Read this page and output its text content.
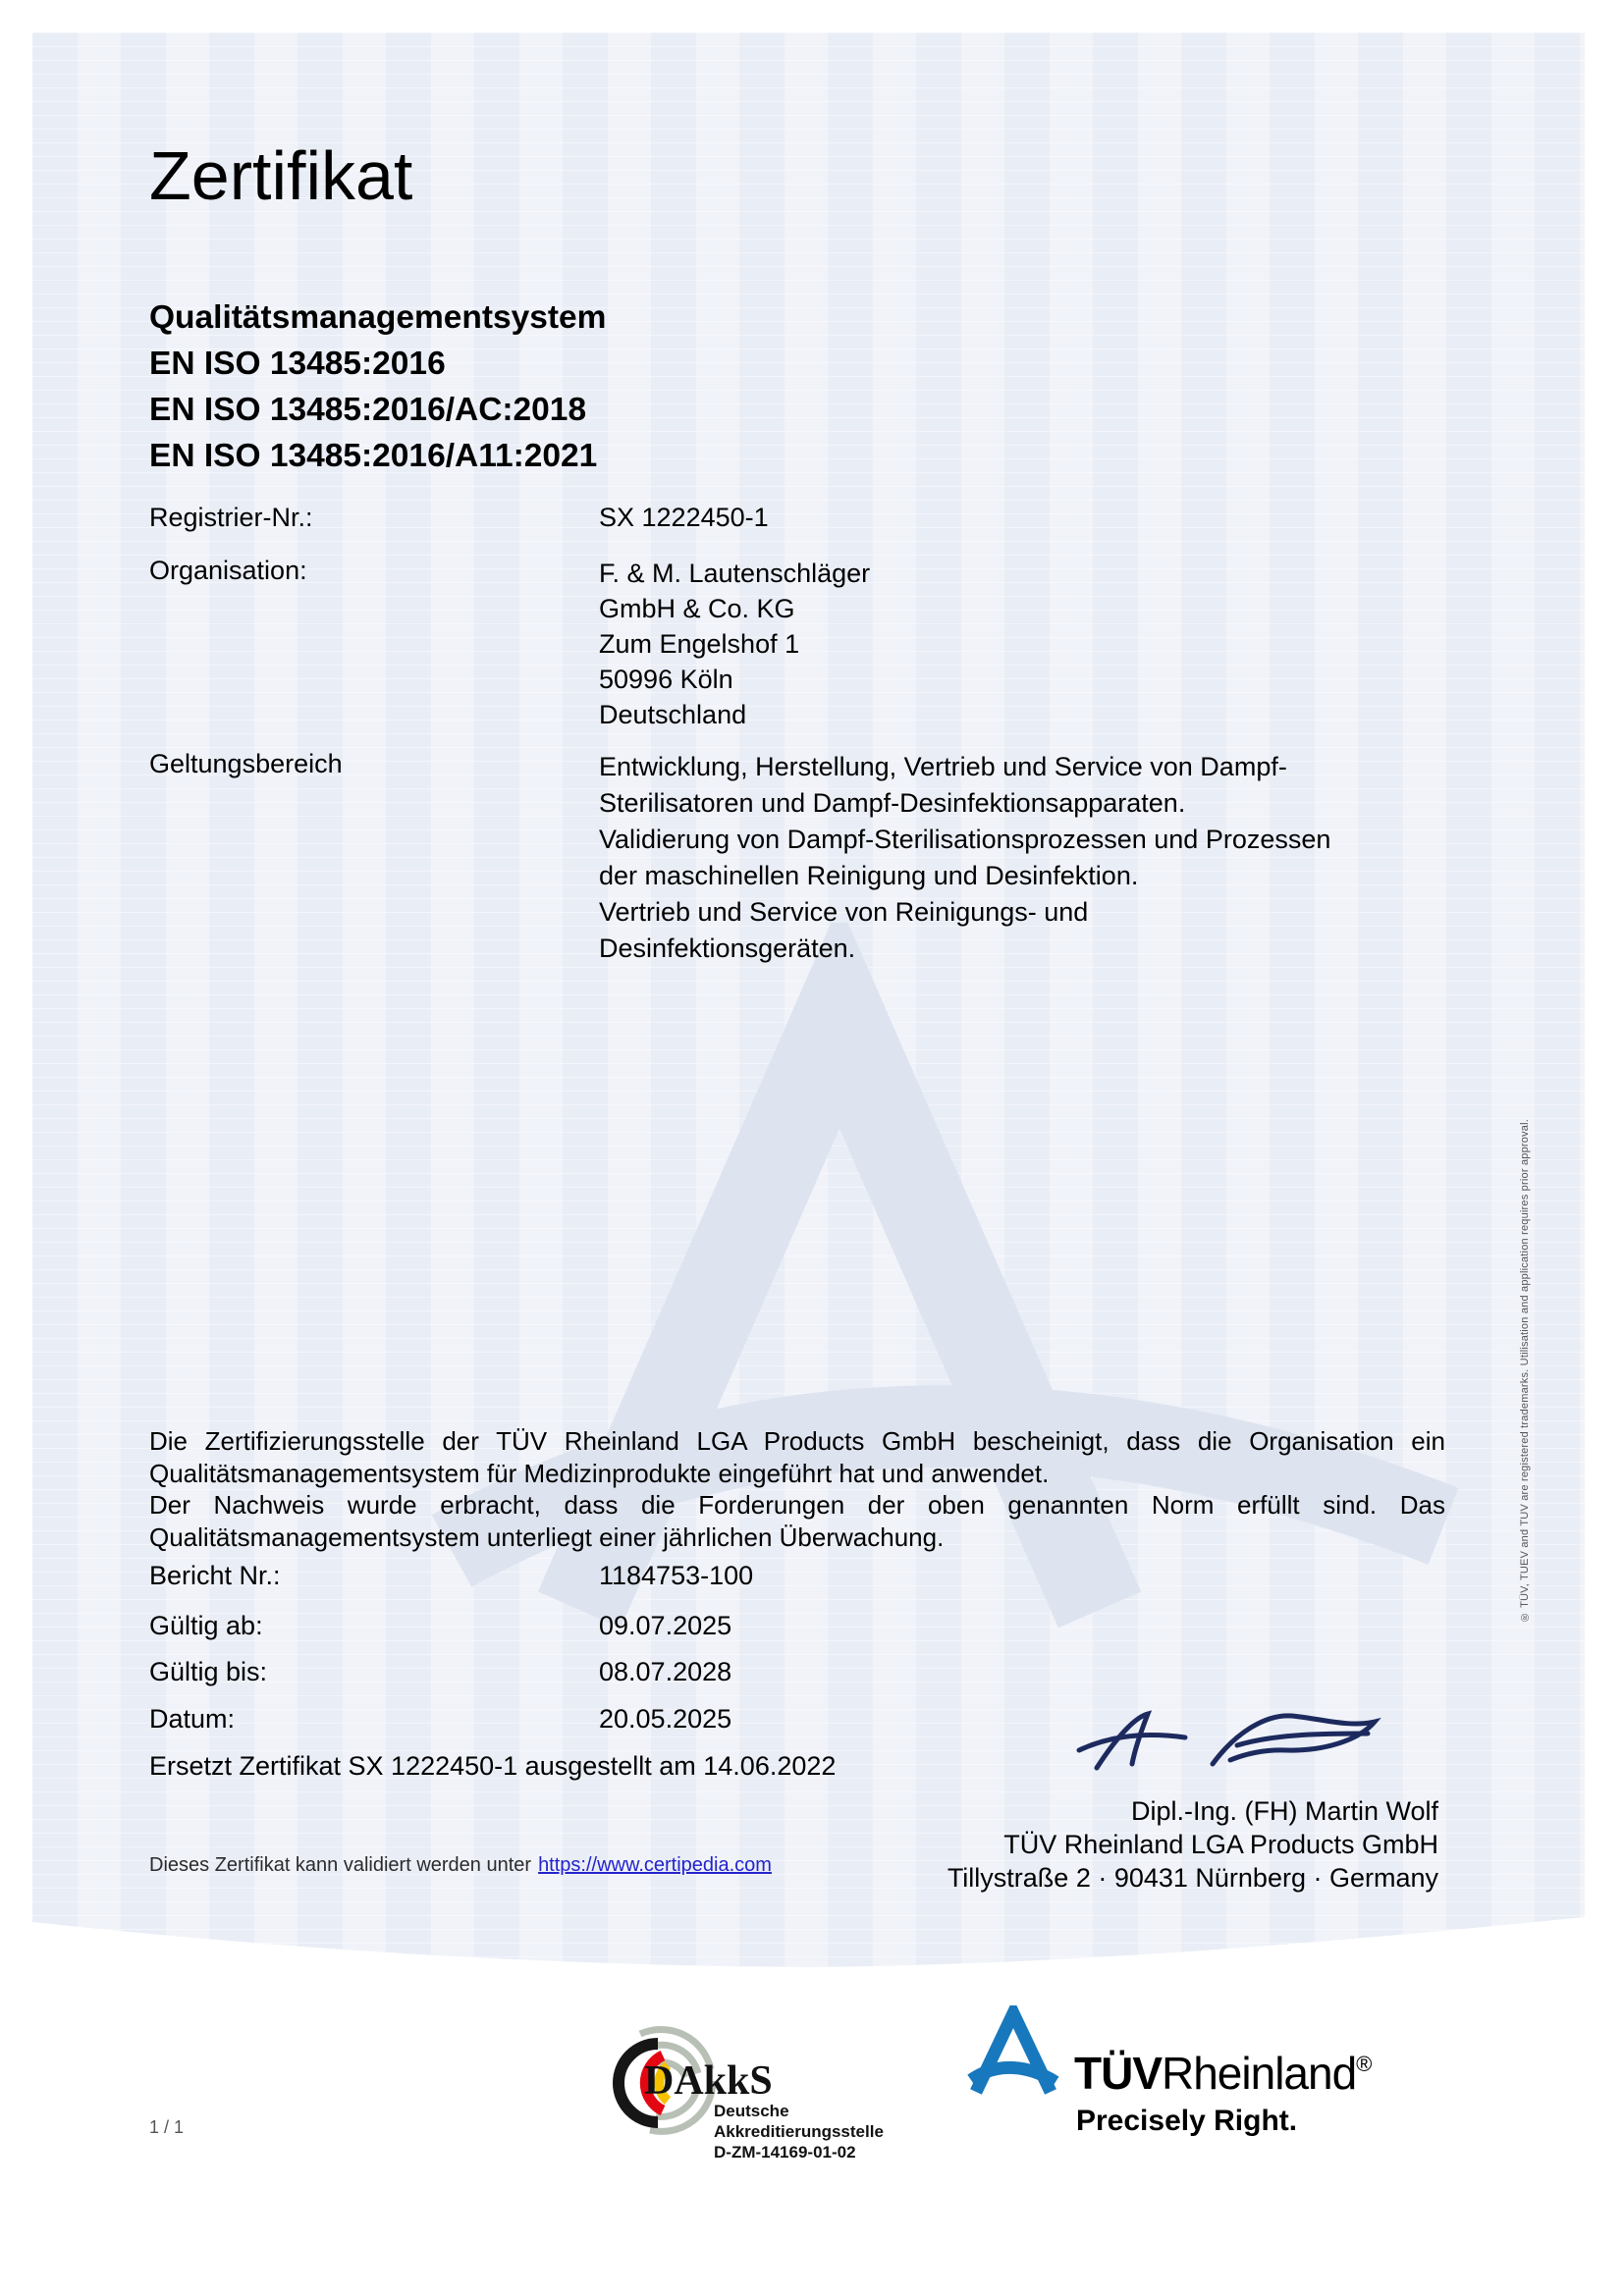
Zertifikat
Qualitätsmanagementsystem
EN ISO 13485:2016
EN ISO 13485:2016/AC:2018
EN ISO 13485:2016/A11:2021
Registrier-Nr.:	SX 1222450-1
Organisation:	F. & M. Lautenschläger
GmbH & Co. KG
Zum Engelshof 1
50996 Köln
Deutschland
Geltungsbereich	Entwicklung, Herstellung, Vertrieb und Service von Dampf-
Sterilisatoren und Dampf-Desinfektionsapparaten.
Validierung von Dampf-Sterilisationsprozessen und Prozessen
der maschinellen Reinigung und Desinfektion.
Vertrieb und Service von Reinigungs- und
Desinfektionsgeräten.

Die Zertifizierungsstelle der TÜV Rheinland LGA Products GmbH bescheinigt, dass die Organisation ein Qualitätsmanagementsystem für Medizinprodukte eingeführt hat und anwendet.

Der Nachweis wurde erbracht, dass die Forderungen der oben genannten Norm erfüllt sind. Das Qualitätsmanagementsystem unterliegt einer jährlichen Überwachung.

Bericht Nr.:	1184753-100
Gültig ab:	09.07.2025
Gültig bis:	08.07.2028
Datum:	20.05.2025
Ersetzt Zertifikat SX 1222450-1 ausgestellt am 14.06.2022
Dipl.-Ing. (FH) Martin Wolf
TÜV Rheinland LGA Products GmbH
Tillystraße 2 · 90431 Nürnberg · Germany
Dieses Zertifikat kann validiert werden unter https://www.certipedia.com
® TÜV, TUEV and TUV are registered trademarks. Utilisation and application requires prior approval.
1 / 1
DAkkS
Deutsche
Akkreditierungsstelle
D-ZM-14169-01-02
TÜVRheinland®
Precisely Right.
